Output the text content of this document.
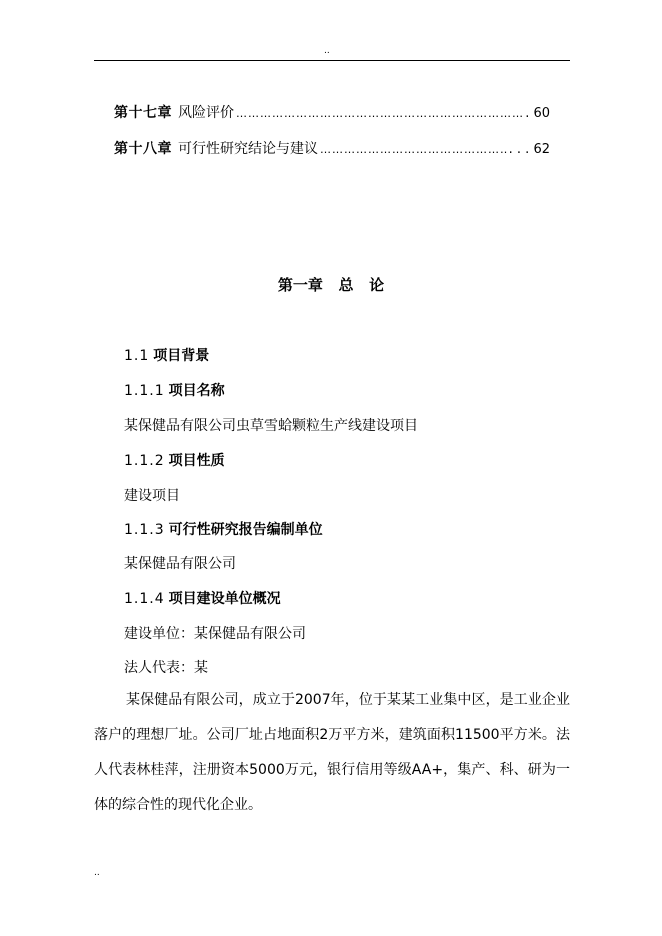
..
第十七章 风险评价 ……………………………………………………………………………………………………	. 60
第十八章 可行性研究结论与建议 ……………………………………………………………………………………………………	. . . 62
第一章   总   论
1.1 项目背景
1.1.1 项目名称
某保健品有限公司虫草雪蛤颗粒生产线建设项目
1.1.2 项目性质
建设项目
1.1.3 可行性研究报告编制单位
某保健品有限公司
1.1.4 项目建设单位概况
建设单位：某保健品有限公司
法人代表：某
某保健品有限公司，成立于2007年，位于某某工业集中区，是工业企业落户的理想厂址。公司厂址占地面积2万平方米，建筑面积11500平方米。法人代表林桂萍，注册资本5000万元，银行信用等级AA+，集产、科、研为一体的综合性的现代化企业。
..
